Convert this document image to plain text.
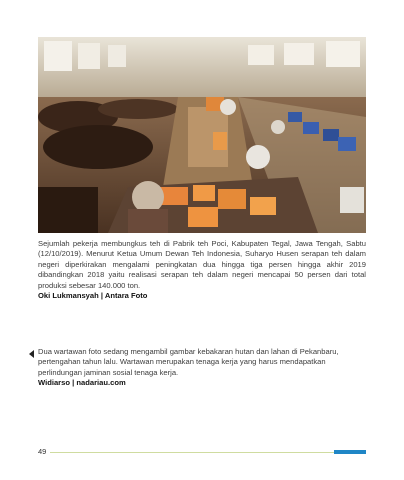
Sejumlah pekerja membungkus teh di Pabrik teh Poci, Kabupaten Tegal, Jawa Tengah, Sabtu (12/10/2019). Menurut Ketua Umum Dewan Teh Indonesia, Suharyo Husen serapan teh dalam negeri diperkirakan mengalami peningkatan dua hingga tiga persen hingga akhir 2019 dibandingkan 2018 yaitu realisasi serapan teh dalam negeri mencapai 50 persen dari total produksi sebesar 140.000 ton.
Oki Lukmansyah | Antara Foto
Dua wartawan foto sedang mengambil gambar kebakaran hutan dan lahan di Pekanbaru, pertengahan tahun lalu. Wartawan merupakan tenaga kerja yang harus mendapatkan perlindungan jaminan sosial tenaga kerja.
Widiarso | nadariau.com
49
